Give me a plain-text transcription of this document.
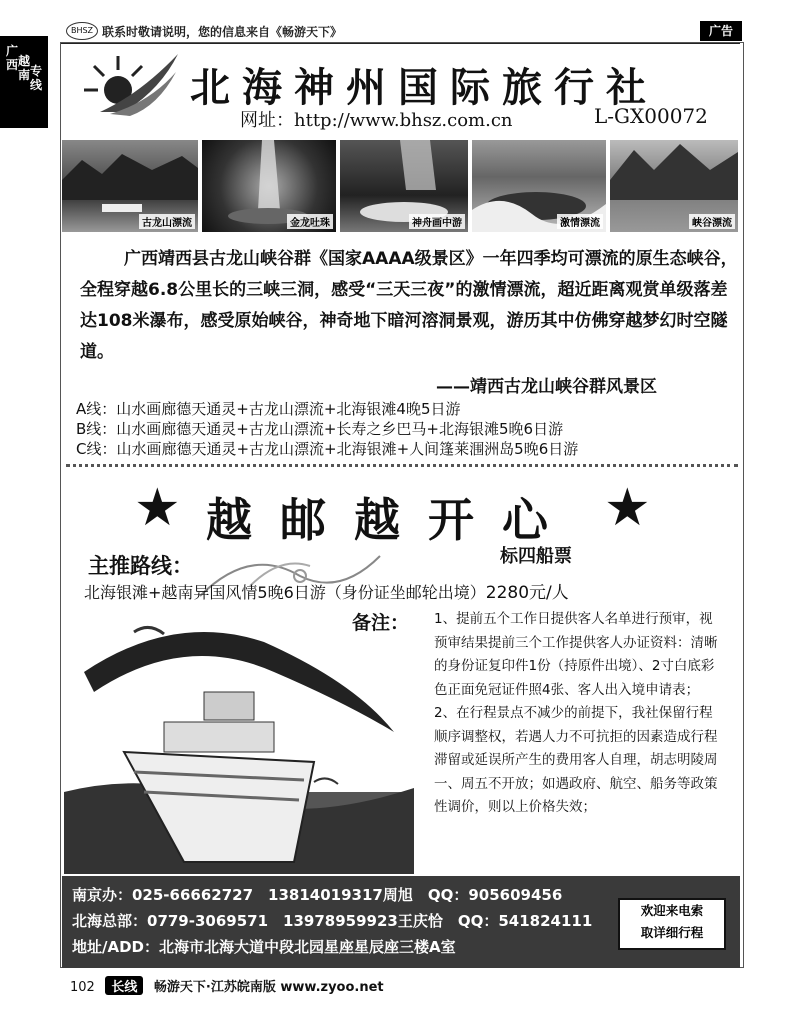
BHSZ 联系时敬请说明，您的信息来自《畅游天下》	广告
广西 越南 专线	北海神州国际旅行社
网址：http://www.bhsz.com.cn	L-GX00072
古龙山漂流	金龙吐珠	神舟画中游	激情漂流	峡谷漂流
广西靖西县古龙山峡谷群《国家AAAA级景区》一年四季均可漂流的原生态峡谷，全程穿越6.8公里长的三峡三洞，感受“三天三夜”的激情漂流，超近距离观赏单级落差达108米瀑布，感受原始峡谷，神奇地下暗河溶洞景观，游历其中仿佛穿越梦幻时空隧道。
——靖西古龙山峡谷群风景区
A线：山水画廊德天通灵+古龙山漂流+北海银滩4晚5日游
B线：山水画廊德天通灵+古龙山漂流+长寿之乡巴马+北海银滩5晚6日游
C线：山水画廊德天通灵+古龙山漂流+北海银滩+人间篷莱涠洲岛5晚6日游
★ 越邮越开心 ★
标四船票
主推路线：
北海银滩+越南异国风情5晚6日游（身份证坐邮轮出境）2280元/人
备注： 1、提前五个工作日提供客人名单进行预审，视预审结果提前三个工作提供客人办证资料：清晰的身份证复印件1份（持原件出境）、2寸白底彩色正面免冠证件照4张、客人出入境申请表；
2、在行程景点不减少的前提下，我社保留行程顺序调整权，若遇人力不可抗拒的因素造成行程滞留或延误所产生的费用客人自理，胡志明陵周一、周五不开放；如遇政府、航空、船务等政策性调价，则以上价格失效；
南京办：025-66662727　13814019317周旭　QQ：905609456
北海总部：0779-3069571　13978959923王庆恰　QQ：541824111
地址/ADD：北海市北海大道中段北园星座星辰座三楼A室
欢迎来电索
取详细行程
102 长线 畅游天下·江苏皖南版 www.zyoo.net
